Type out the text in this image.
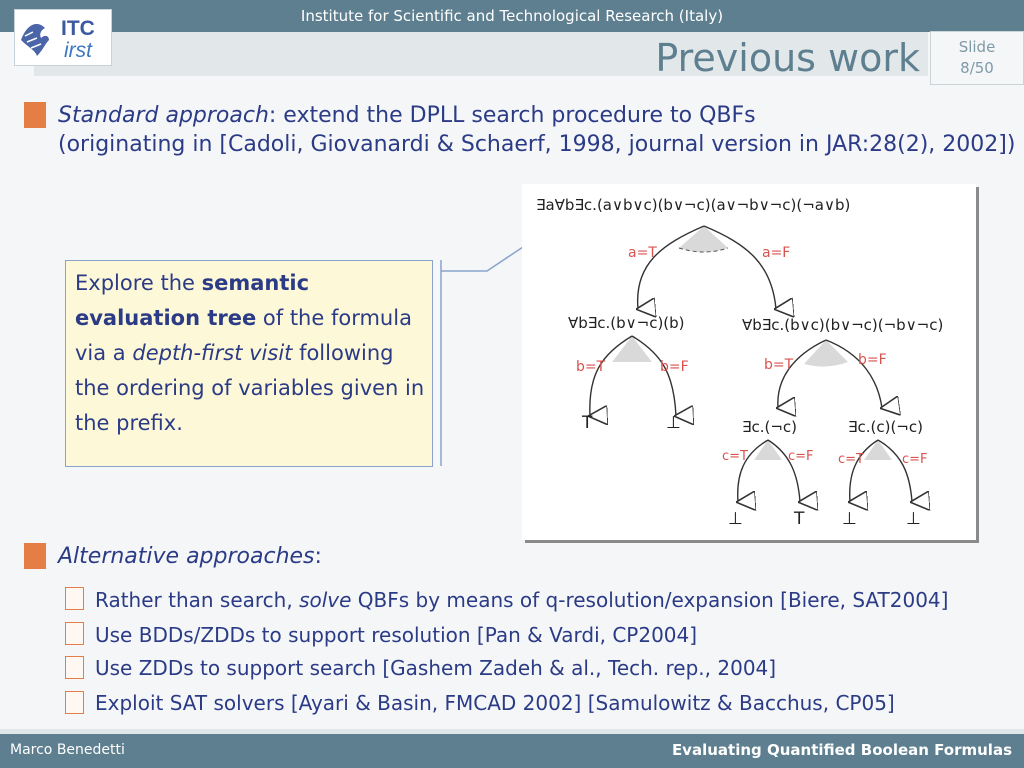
Institute for Scientific and Technological Research (Italy)
ITC
irst	Previous work	Slide
8/50
Standard approach: extend the DPLL search procedure to QBFs
(originating in [Cadoli, Giovanardi & Schaerf, 1998, journal version in JAR:28(2), 2002])
Explore the semantic evaluation tree of the formula via a depth-first visit following the ordering of variables given in the prefix.
∃a∀b∃c.(a∨b∨c)(b∨¬c)(a∨¬b∨¬c)(¬a∨b)
a=T	a=F
∀b∃c.(b∨¬c)(b)	∀b∃c.(b∨c)(b∨¬c)(¬b∨¬c)
b=T	b=F
T	⊥
b=T	b=F
∃c.(¬c)	∃c.(c)(¬c)
c=T	c=F
⊥	T
c=T	c=F
⊥	⊥
Alternative approaches:
Rather than search, solve QBFs by means of q-resolution/expansion [Biere, SAT2004]
Use BDDs/ZDDs to support resolution [Pan & Vardi, CP2004]
Use ZDDs to support search [Gashem Zadeh & al., Tech. rep., 2004]
Exploit SAT solvers [Ayari & Basin, FMCAD 2002] [Samulowitz & Bacchus, CP05]
Marco Benedetti	Evaluating Quantified Boolean Formulas
